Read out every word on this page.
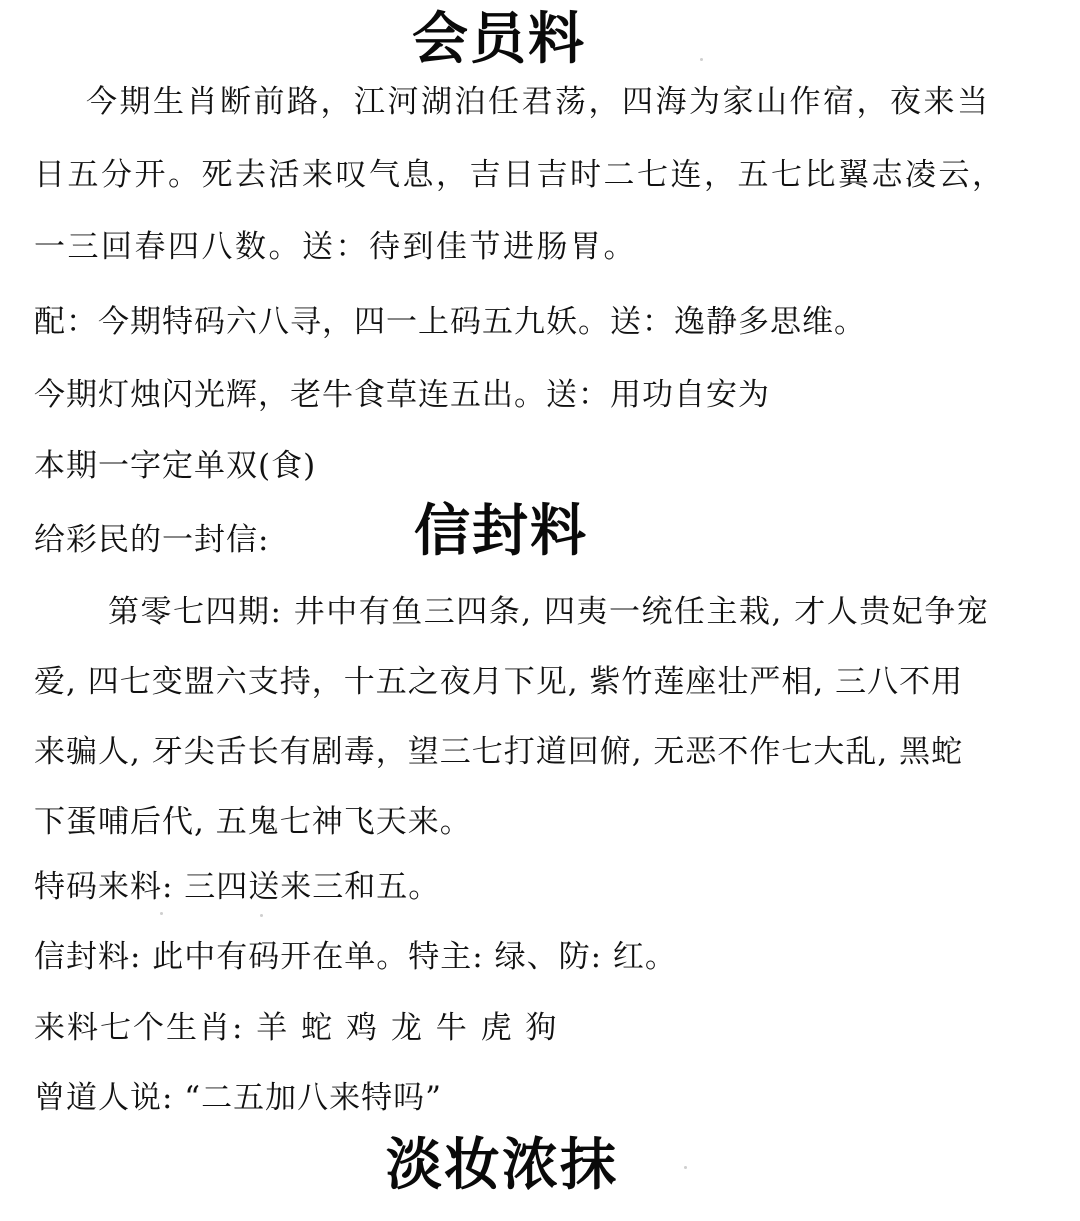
会员料
今期生肖断前路，江河湖泊任君荡，四海为家山作宿，夜来当
日五分开。死去活来叹气息，吉日吉时二七连，五七比翼志凌云，
一三回春四八数。送：待到佳节进肠胃。
配：今期特码六八寻，四一上码五九妖。送：逸静多思维。
今期灯烛闪光辉，老牛食草连五出。送：用功自安为
本期一字定单双(食)
给彩民的一封信:	信封料
第零七四期: 井中有鱼三四条, 四夷一统任主栽, 才人贵妃争宠
爱, 四七变盟六支持，十五之夜月下见, 紫竹莲座壮严相, 三八不用
来骗人, 牙尖舌长有剧毒，望三七打道回俯, 无恶不作七大乱, 黑蛇
下蛋哺后代, 五鬼七神飞天来。
特码来料: 三四送来三和五。
信封料: 此中有码开在单。特主: 绿、防: 红。
来料七个生肖: 羊 蛇 鸡 龙 牛 虎 狗
曾道人说: “二五加八来特吗”
淡妆浓抹
